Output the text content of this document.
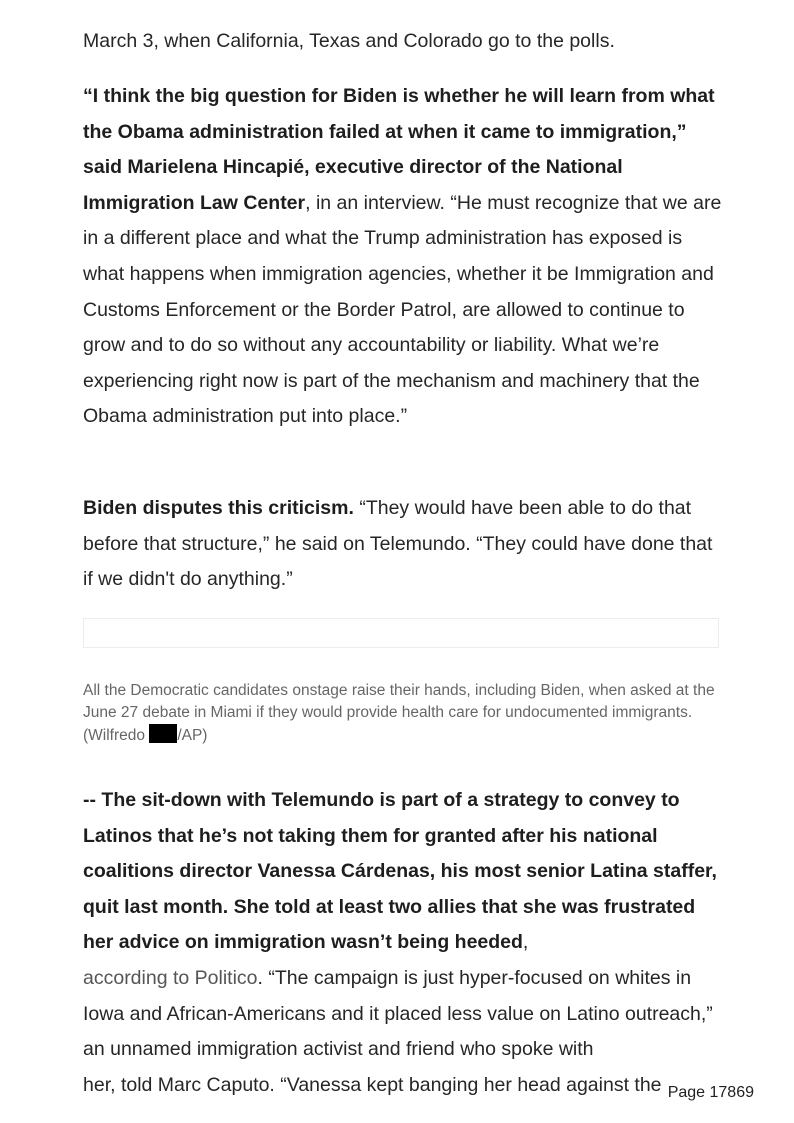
March 3, when California, Texas and Colorado go to the polls.

“I think the big question for Biden is whether he will learn from what the Obama administration failed at when it came to immigration,” said Marielena Hincapié, executive director of the National Immigration Law Center, in an interview. “He must recognize that we are in a different place and what the Trump administration has exposed is what happens when immigration agencies, whether it be Immigration and Customs Enforcement or the Border Patrol, are allowed to continue to grow and to do so without any accountability or liability. What we’re experiencing right now is part of the mechanism and machinery that the Obama administration put into place.”

Biden disputes this criticism. “They would have been able to do that before that structure,” he said on Telemundo. “They could have done that if we didn't do anything.”

All the Democratic candidates onstage raise their hands, including Biden, when asked at the June 27 debate in Miami if they would provide health care for undocumented immigrants. (Wilfredo /AP)

-- The sit-down with Telemundo is part of a strategy to convey to Latinos that he’s not taking them for granted after his national coalitions director Vanessa Cárdenas, his most senior Latina staffer, quit last month. She told at least two allies that she was frustrated her advice on immigration wasn’t being heeded,
according to Politico. “The campaign is just hyper-focused on whites in Iowa and African-Americans and it placed less value on Latino outreach,” an unnamed immigration activist and friend who spoke with

her, told Marc Caputo. “Vanessa kept banging her head against the Page 17869
